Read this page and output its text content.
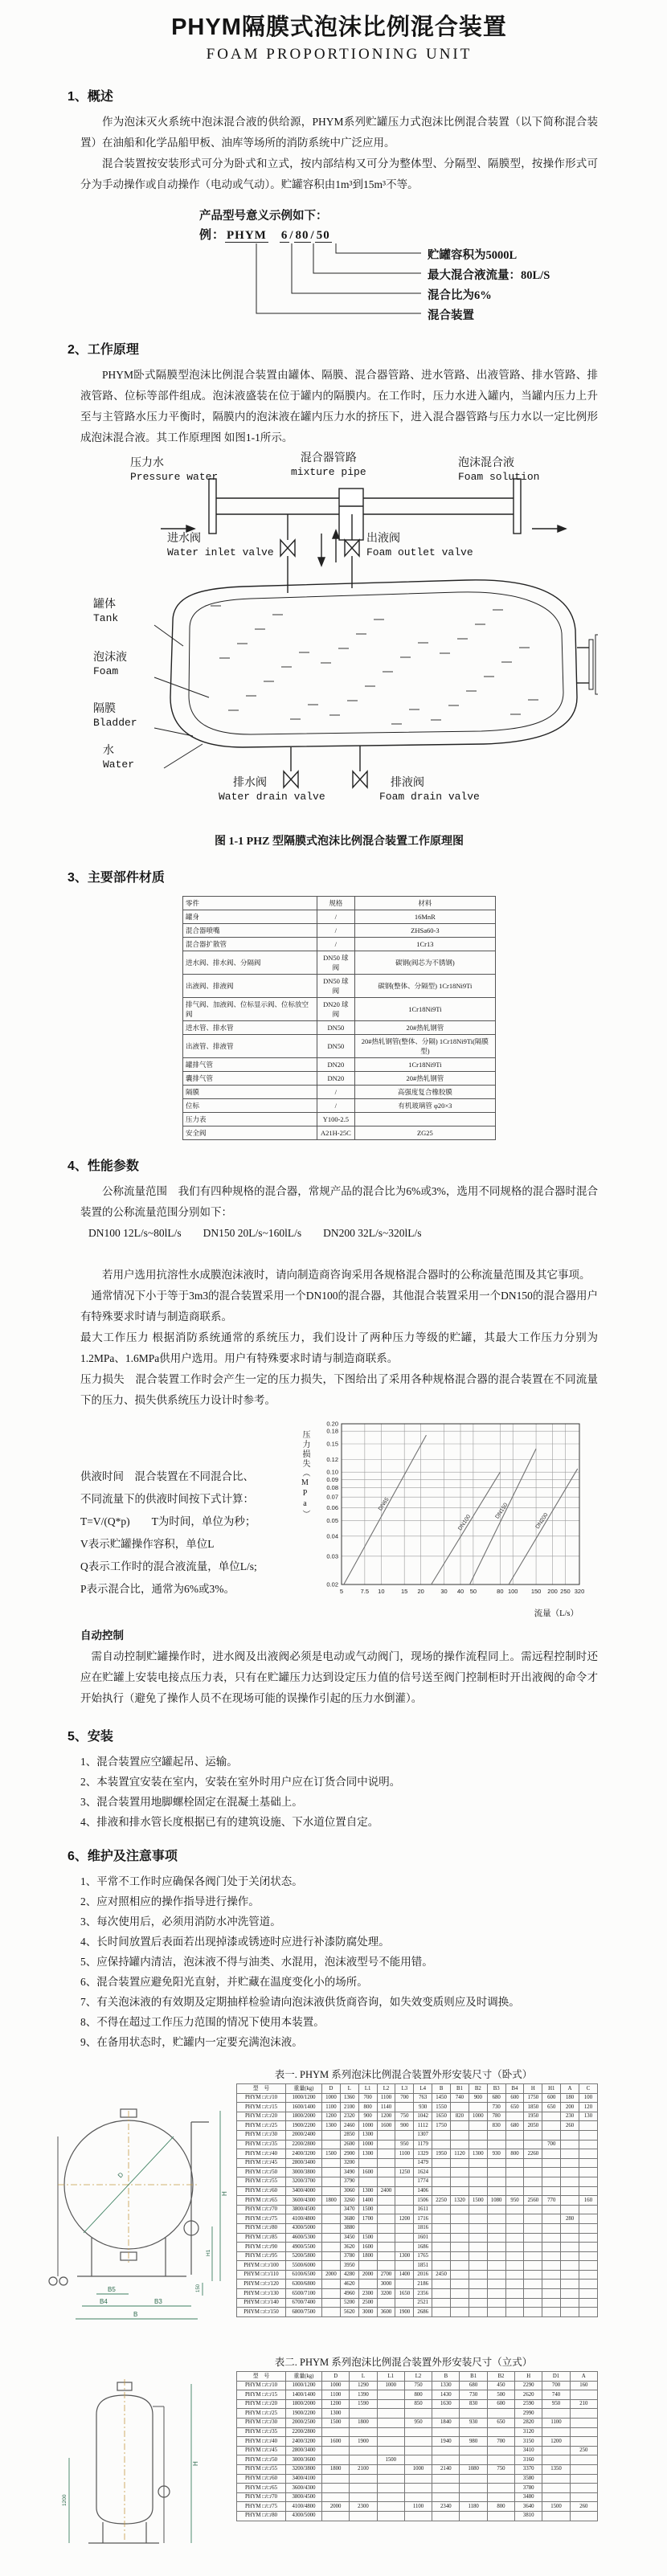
PHYM隔膜式泡沫比例混合装置
FOAM PROPORTIONING UNIT
1、概述

作为泡沫灭火系统中泡沫混合液的供给源，PHYM系列贮罐压力式泡沫比例混合装置（以下简称混合装置）在油船和化学品船甲板、油库等场所的消防系统中广泛应用。

混合装置按安装形式可分为卧式和立式，按内部结构又可分为整体型、分隔型、隔膜型，按操作形式可分为手动操作或自动操作（电动或气动）。贮罐容积由1m³到15m³不等。

产品型号意义示例如下：
例： PHYM 6 / 80 / 50
贮罐容积为5000L
最大混合液流量：80L/S
混合比为6%
混合装置
2、工作原理

PHYM卧式隔膜型泡沫比例混合装置由罐体、隔膜、混合器管路、进水管路、出液管路、排水管路、排液管路、位标等部件组成。泡沫液盛装在位于罐内的隔膜内。在工作时，压力水进入罐内，当罐内压力上升至与主管路水压力平衡时，隔膜内的泡沫液在罐内压力水的挤压下，进入混合器管路与压力水以一定比例形成泡沫混合液。其工作原理图 如图1-1所示。

压力水
Pressure water
混合器管路
mixture pipe
泡沫混合液
Foam solution
进水阀
Water inlet valve
出液阀
Foam outlet valve
罐体
Tank
泡沫液
Foam
隔膜
Bladder
水
Water
排水阀
Water drain valve
排液阀
Foam drain valve
图 1-1 PHZ 型隔膜式泡沫比例混合装置工作原理图
3、主要部件材质
零件	规格	材料
罐身	/	16MnR
混合器喷嘴	/	ZHSa60-3
混合器扩散管	/	1Cr13
进水阀、排水阀、分隔阀	DN50 球阀	碳钢(阀芯为不锈钢)
出液阀、排液阀	DN50 球阀	碳钢(整体、分隔型) 1Cr18Ni9Ti
排气阀、加液阀、位标显示阀、位标放空阀	DN20 球阀	1Cr18Ni9Ti
进水管、排水管	DN50	20#热轧钢管
出液管、排液管	DN50	20#热轧钢管(整体、分隔) 1Cr18Ni9Ti(隔膜型)
罐排气管	DN20	1Cr18Ni9Ti
囊排气管	DN20	20#热轧钢管
隔膜	/	高强度复合橡胶膜
位标	/	有机玻璃管 φ20×3
压力表	Y100-2.5	
安全阀	A21H-25C	ZG25
4、性能参数

公称流量范围　我们有四种规格的混合器，常规产品的混合比为6%或3%，选用不同规格的混合器时混合装置的公称流量范围分别如下：

DN100 12L/s~80lL/s　　DN150 20L/s~160lL/s　　DN200 32L/s~320lL/s

若用户选用抗溶性水成膜泡沫液时，请向制造商咨询采用各规格混合器时的公称流量范围及其它事项。

通常情况下小于等于3m3的混合装置采用一个DN100的混合器，其他混合装置采用一个DN150的混合器用户有特殊要求时请与制造商联系。

最大工作压力 根据消防系统通常的系统压力，我们设计了两种压力等级的贮罐，其最大工作压力分别为1.2MPa、1.6MPa供用户选用。用户有特殊要求时请与制造商联系。

压力损失　混合装置工作时会产生一定的压力损失，下图给出了采用各种规格混合器的混合装置在不同流量下的压力、损失供系统压力设计时参考。

供液时间　混合装置在不同混合比、
不同流量下的供液时间按下式计算：
T=V/(Q*p)　　T为时间，单位为秒；
V表示贮罐操作容积，单位L
Q表示工作时的混合液流量，单位L/s;
P表示混合比，通常为6%或3%。
压力损失（MPa）
5	7.5 10	15 20	30 40 50	80 100 150 200 250 320
0.02
0.03
0.04
0.05
0.06
0.07
0.08
0.09
0.10
0.12
0.15
0.18
0.20
DN65
DN100
DN150
DN200
流量（L/s）

自动控制

需自动控制贮罐操作时，进水阀及出液阀必须是电动或气动阀门，现场的操作流程同上。需远程控制时还应在贮罐上安装电接点压力表，只有在贮罐压力达到设定压力值的信号送至阀门控制柜时开出液阀的命令才开始执行（避免了操作人员不在现场可能的误操作引起的压力水倒灌）。

5、安装
1、混合装置应空罐起吊、运输。
2、本装置宜安装在室内，安装在室外时用户应在订货合同中说明。
3、混合装置用地脚螺栓固定在混凝土基础上。
4、排液和排水管长度根据已有的建筑设施、下水道位置自定。
6、维护及注意事项
1、平常不工作时应确保各阀门处于关闭状态。
2、应对照相应的操作指导进行操作。
3、每次使用后，必须用消防水冲洗管道。
4、长时间放置后表面若出现掉漆或锈迹时应进行补漆防腐处理。
5、应保持罐内清洁，泡沫液不得与油类、水混用，泡沫液型号不能用错。
6、混合装置应避免阳光直射，并贮藏在温度变化小的场所。
7、有关泡沫液的有效期及定期抽样检验请向泡沫液供货商咨询，如失效变质则应及时调换。
8、不得在超过工作压力范围的情况下使用本装置。
9、在备用状态时，贮罐内一定要充满泡沫液。
表一. PHYM 系列泡沫比例混合装置外形安装尺寸（卧式）
D
H
H1
B5
B4	B3
B
150
型　号	重量(kg)	D	L	L1	L2	L3	L4	B	B1	B2	B3	B4	H	H1	A	C
PHYM □/□/10	1000/1200	1000	1360	700	1100	700	763	1450	740	900	680	600	1750	600	180	100
PHYM □/□/15	1600/1400	1100	2100	800	1140		930	1550			730	650	1850	650	200	120
PHYM □/□/20	1800/2000	1200	2320	900	1200	750	1042	1650	820	1000	780		1950		230	130
PHYM □/□/25	1900/2200	1300	2460	1000	1600	900	1112	1750			830	680	2050		260	
PHYM □/□/30	2000/2400		2850	1300			1307									
PHYM □/□/35	2200/2800		2600	1000		950	1179							700		
PHYM □/□/40	2400/3200	1500	2900	1300		1100	1329	1950	1120	1300	930	800	2260			
PHYM □/□/45	2800/3400		3200				1479									
PHYM □/□/50	3000/3800		3490	1600		1250	1624									
PHYM □/□/55	3200/3700		3790				1774									
PHYM □/□/60	3400/4000		3060	1300	2400		1406									
PHYM □/□/65	3600/4300	1800	3260	1400			1506	2250	1320	1500	1080	950	2560	770		160
PHYM □/□/70	3800/4500		3470	1500			1611									
PHYM □/□/75	4100/4800		3680	1700		1200	1716								280	
PHYM □/□/80	4300/5000		3880				1816									
PHYM □/□/85	4600/5300		3450	1500			1601									
PHYM □/□/90	4900/5500		3620	1600			1686									
PHYM □/□/95	5200/5800		3780	1800		1300	1765									
PHYM □/□/100	5500/6000		3950				1851									
PHYM □/□/110	6100/6500	2000	4280	2000	2700	1400	2016	2450								
PHYM □/□/120	6300/6800		4620		3000		2186									
PHYM □/□/130	6500/7100		4960	2300	3200	1650	2356									
PHYM □/□/140	6700/7400		5200	2500			2521									
PHYM □/□/150	6800/7500		5620	3000	3600	1900	2686									
表二. PHYM 系列泡沫比例混合装置外形安装尺寸（立式）
H
1200
型　号	重量(kg)	D	L	L1	L2	B	B1	B2	H	D1	A
PHYM □/□/10	1000/1200	1000	1290	1000	750	1330	680	450	2290	700	160
PHYM □/□/15	1400/1400	1100	1390		800	1430	730	500	2620	740	
PHYM □/□/20	1800/2000	1200	1590		850	1630	830	600	2590	950	210
PHYM □/□/25	1900/2200	1300							2990		
PHYM □/□/30	2000/2500	1500	1800		950	1840	930	650	2820	1100	
PHYM □/□/35	2200/2800								3120		
PHYM □/□/40	2400/3200	1600	1900			1940	980	700	3150	1200	
PHYM □/□/45	2800/3400								3410		250
PHYM □/□/50	3000/3600			1500					3160		
PHYM □/□/55	3200/3800	1800	2100		1000	2140	1080	750	3370	1350	
PHYM □/□/60	3400/4100								3580		
PHYM □/□/65	3600/4300								3780		
PHYM □/□/70	3800/4500								3480		
PHYM □/□/75	4100/4800	2000	2300		1100	2340	1180	800	3640	1500	260
PHYM □/□/80	4300/5000								3810		
